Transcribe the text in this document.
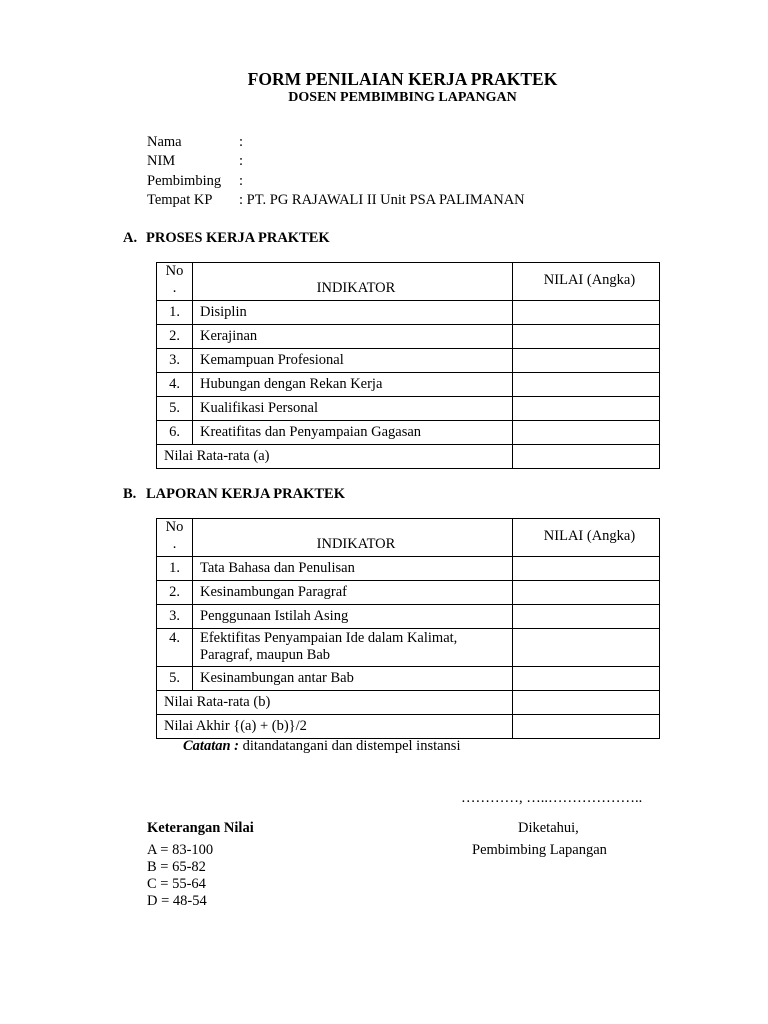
FORM PENILAIAN KERJA PRAKTEK
DOSEN PEMBIMBING LAPANGAN
Nama	:
NIM	:
Pembimbing :
Tempat KP : PT. PG RAJAWALI II Unit PSA PALIMANAN
A. PROSES KERJA PRAKTEK
No
.	INDIKATOR	NILAI (Angka)
1.	Disiplin	
2.	Kerajinan	
3.	Kemampuan Profesional	
4.	Hubungan dengan Rekan Kerja	
5.	Kualifikasi Personal	
6.	Kreatifitas dan Penyampaian Gagasan	
Nilai Rata-rata (a)		
B. LAPORAN KERJA PRAKTEK
No
.	INDIKATOR	NILAI (Angka)
1.	Tata Bahasa dan Penulisan	
2.	Kesinambungan Paragraf	
3.	Penggunaan Istilah Asing	
4.	Efektifitas Penyampaian Ide dalam Kalimat,
Paragraf, maupun Bab	

5.	Kesinambungan antar Bab	
Nilai Rata-rata (b)		
Nilai Akhir {(a) + (b)}/2		
Catatan : ditandatangani dan distempel instansi
…………, …..………………..
Keterangan Nilai
A = 83-100
B = 65-82
C = 55-64
D = 48-54
Diketahui,
Pembimbing Lapangan
